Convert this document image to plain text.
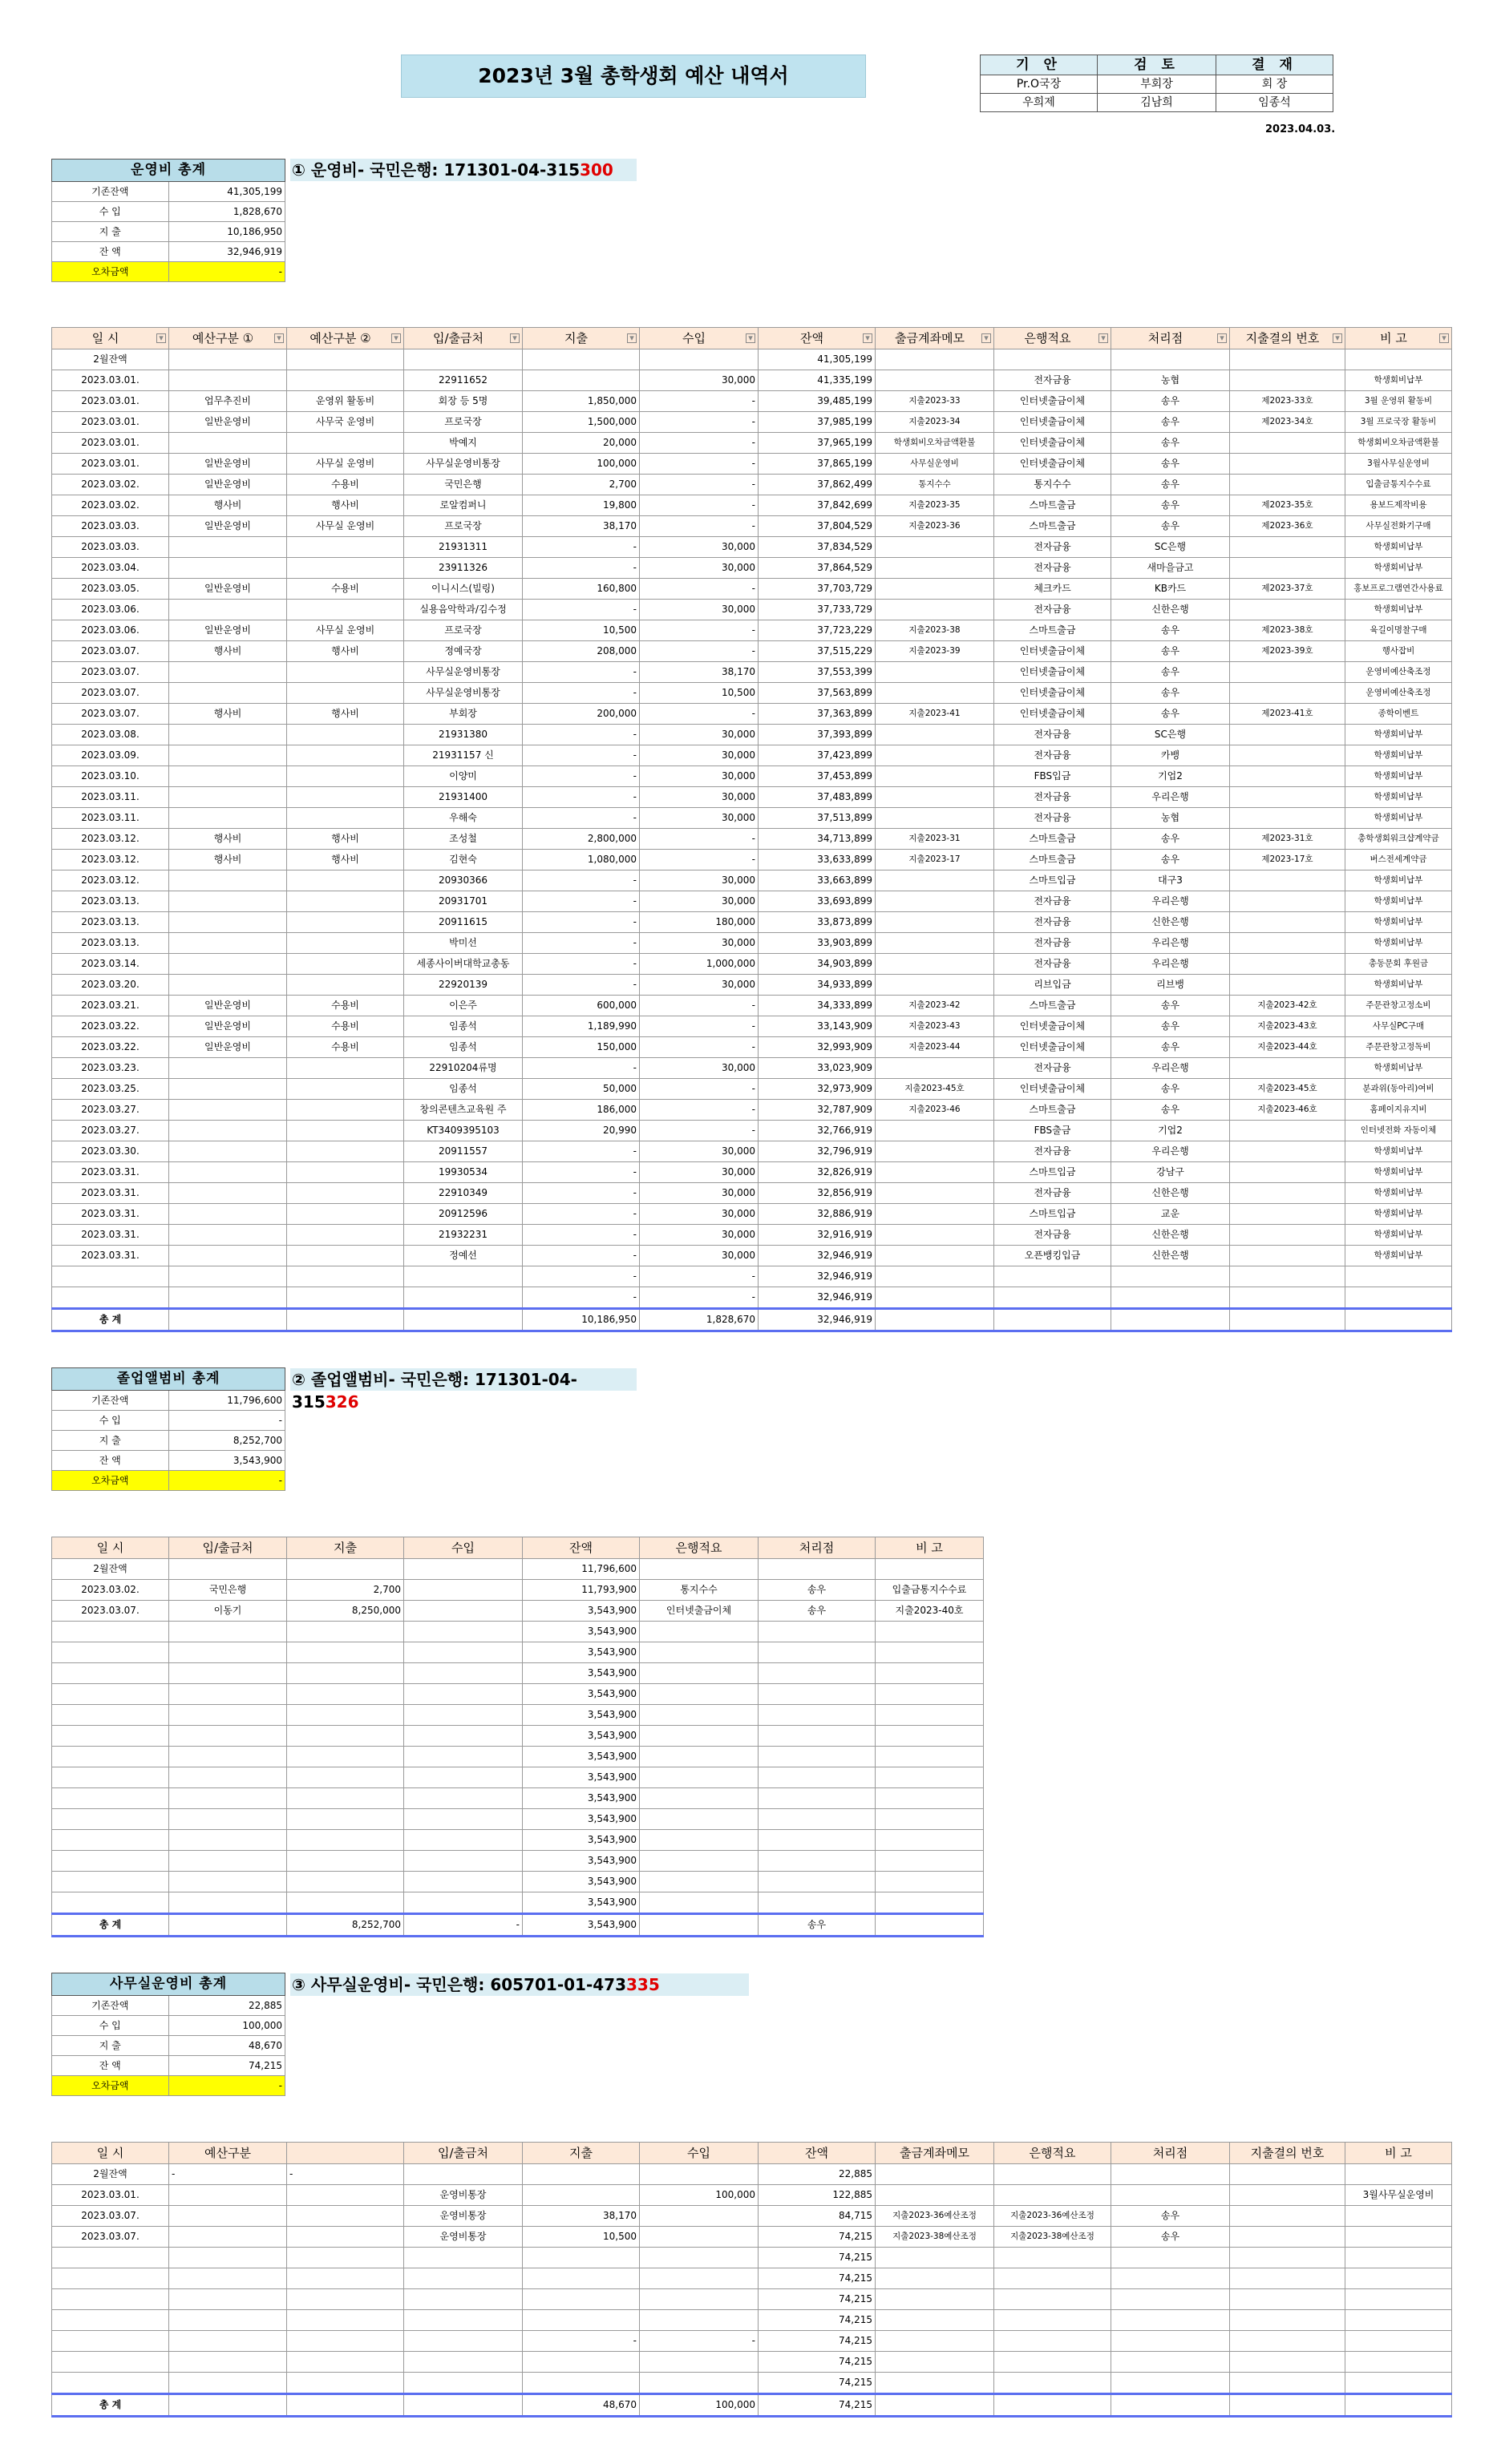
2023년 3월 총학생회 예산 내역서	기 안	검 토	결 재
Pr.O국장	부회장	회 장
우희제	김남희	임종석
2023.04.03.
운영비 총계	
기존잔액	41,305,199
수 입	1,828,670
지 출	10,186,950
잔 액	32,946,919
오차금액	-
① 운영비- 국민은행: 171301-04-315300
일 시 ▾	예산구분 ① ▾	예산구분 ② ▾	입/출금처 ▾	지출 ▾	수입 ▾	잔액 ▾	출금계좌메모 ▾	은행적요 ▾	처리점 ▾	지출결의 번호 ▾	비 고 ▾

2월잔액						41,305,199					
2023.03.01.			22911652		30,000	41,335,199		전자금융	농협		학생회비납부
2023.03.01.	업무추진비	운영위 활동비	회장 등 5명	1,850,000	-	39,485,199	지출2023-33	인터넷출금이체	송우	제2023-33호	3월 운영위 활동비
2023.03.01.	일반운영비	사무국 운영비	프로국장	1,500,000	-	37,985,199	지출2023-34	인터넷출금이체	송우	제2023-34호	3월 프로국장 활동비
2023.03.01.			박예지	20,000	-	37,965,199	학생회비오차금액환불	인터넷출금이체	송우		학생회비오차금액환불
2023.03.01.	일반운영비	사무실 운영비	사무실운영비통장	100,000	-	37,865,199	사무실운영비	인터넷출금이체	송우		3월사무실운영비
2023.03.02.	일반운영비	수용비	국민은행	2,700	-	37,862,499	통지수수	통지수수	송우		입출금통지수수료
2023.03.02.	행사비	행사비	로알컴퍼니	19,800	-	37,842,699	지출2023-35	스마트출금	송우	제2023-35호	용보드제작비용
2023.03.03.	일반운영비	사무실 운영비	프로국장	38,170	-	37,804,529	지출2023-36	스마트출금	송우	제2023-36호	사무실전화기구매
2023.03.03.			21931311	-	30,000	37,834,529		전자금융	SC은행		학생회비납부
2023.03.04.			23911326	-	30,000	37,864,529		전자금융	새마을금고		학생회비납부
2023.03.05.	일반운영비	수용비	이니시스(빌링)	160,800	-	37,703,729		체크카드	KB카드	제2023-37호	홍보프로그램연간사용료
2023.03.06.			실용음악학과/김수정	-	30,000	37,733,729		전자금융	신한은행		학생회비납부
2023.03.06.	일반운영비	사무실 운영비	프로국장	10,500	-	37,723,229	지출2023-38	스마트출금	송우	제2023-38호	육길이명찰구매
2023.03.07.	행사비	행사비	정예국장	208,000	-	37,515,229	지출2023-39	인터넷출금이체	송우	제2023-39호	행사잡비
2023.03.07.			사무실운영비통장	-	38,170	37,553,399		인터넷출금이체	송우		운영비예산축조정
2023.03.07.			사무실운영비통장	-	10,500	37,563,899		인터넷출금이체	송우		운영비예산축조정
2023.03.07.	행사비	행사비	부회장	200,000	-	37,363,899	지출2023-41	인터넷출금이체	송우	제2023-41호	종학이벤트
2023.03.08.			21931380	-	30,000	37,393,899		전자금융	SC은행		학생회비납부
2023.03.09.			21931157 신	-	30,000	37,423,899		전자금융	카뱅		학생회비납부
2023.03.10.			이양미	-	30,000	37,453,899		FBS입금	기업2		학생회비납부
2023.03.11.			21931400	-	30,000	37,483,899		전자금융	우리은행		학생회비납부
2023.03.11.			우해숙	-	30,000	37,513,899		전자금융	농협		학생회비납부
2023.03.12.	행사비	행사비	조성철	2,800,000	-	34,713,899	지출2023-31	스마트출금	송우	제2023-31호	총학생회워크샵계약금
2023.03.12.	행사비	행사비	김현숙	1,080,000	-	33,633,899	지출2023-17	스마트출금	송우	제2023-17호	버스전세계약금
2023.03.12.			20930366	-	30,000	33,663,899		스마트입금	대구3		학생회비납부
2023.03.13.			20931701	-	30,000	33,693,899		전자금융	우리은행		학생회비납부
2023.03.13.			20911615	-	180,000	33,873,899		전자금융	신한은행		학생회비납부
2023.03.13.			박미선	-	30,000	33,903,899		전자금융	우리은행		학생회비납부
2023.03.14.			세종사이버대학교총동	-	1,000,000	34,903,899		전자금융	우리은행		총동문회 후원금
2023.03.20.			22920139	-	30,000	34,933,899		리브입금	리브뱅		학생회비납부
2023.03.21.	일반운영비	수용비	이은주	600,000	-	34,333,899	지출2023-42	스마트출금	송우	지출2023-42호	주문관창고정소비
2023.03.22.	일반운영비	수용비	임종석	1,189,990	-	33,143,909	지출2023-43	인터넷출금이체	송우	지출2023-43호	사무실PC구매
2023.03.22.	일반운영비	수용비	임종석	150,000	-	32,993,909	지출2023-44	인터넷출금이체	송우	지출2023-44호	주문관창고정독비
2023.03.23.			22910204류명	-	30,000	33,023,909		전자금융	우리은행		학생회비납부
2023.03.25.			임종석	50,000	-	32,973,909	지출2023-45호	인터넷출금이체	송우	지출2023-45호	분과위(동아리)여비
2023.03.27.			창의콘텐츠교육원 주	186,000	-	32,787,909	지출2023-46	스마트출금	송우	지출2023-46호	홈페이지유지비
2023.03.27.			KT3409395103	20,990	-	32,766,919		FBS출금	기업2		인터넷전화 자동이체
2023.03.30.			20911557	-	30,000	32,796,919		전자금융	우리은행		학생회비납부
2023.03.31.			19930534	-	30,000	32,826,919		스마트입금	강남구		학생회비납부
2023.03.31.			22910349	-	30,000	32,856,919		전자금융	신한은행		학생회비납부
2023.03.31.			20912596	-	30,000	32,886,919		스마트입금	교운		학생회비납부
2023.03.31.			21932231	-	30,000	32,916,919		전자금융	신한은행		학생회비납부
2023.03.31.			정예선	-	30,000	32,946,919		오픈뱅킹입금	신한은행		학생회비납부
				-	-	32,946,919					
				-	-	32,946,919					
총 계				10,186,950	1,828,670	32,946,919					
졸업앨범비 총계	
기존잔액	11,796,600
수 입	-
지 출	8,252,700
잔 액	3,543,900
오차금액	-
② 졸업앨범비- 국민은행: 171301-04-315326
일 시	입/출금처	지출	수입	잔액	은행적요	처리점	비 고
2월잔액				11,796,600			
2023.03.02.	국민은행	2,700		11,793,900	통지수수	송우	입출금통지수수료
2023.03.07.	이동기	8,250,000		3,543,900	인터넷출금이체	송우	지출2023-40호
				3,543,900			
				3,543,900			
				3,543,900			
				3,543,900			
				3,543,900			
				3,543,900			
				3,543,900			
				3,543,900			
				3,543,900			
				3,543,900			
				3,543,900			
				3,543,900			
				3,543,900			
				3,543,900			
총 계		8,252,700	-	3,543,900		송우	
사무실운영비 총계	
기존잔액	22,885
수 입	100,000
지 출	48,670
잔 액	74,215
오차금액	-
③ 사무실운영비- 국민은행: 605701-01-473335
일 시	예산구분		입/출금처	지출	수입	잔액	출금계좌메모	은행적요	처리점	지출결의 번호	비 고
2월잔액	-	-				22,885					
2023.03.01.			운영비통장		100,000	122,885					3월사무실운영비
2023.03.07.			운영비통장	38,170		84,715	지출2023-36예산조정	지출2023-36예산조정	송우		
2023.03.07.			운영비통장	10,500		74,215	지출2023-38예산조정	지출2023-38예산조정	송우		
						74,215					
						74,215					
						74,215					
						74,215					
				-	-	74,215					
						74,215					
						74,215					
총 계				48,670	100,000	74,215					
